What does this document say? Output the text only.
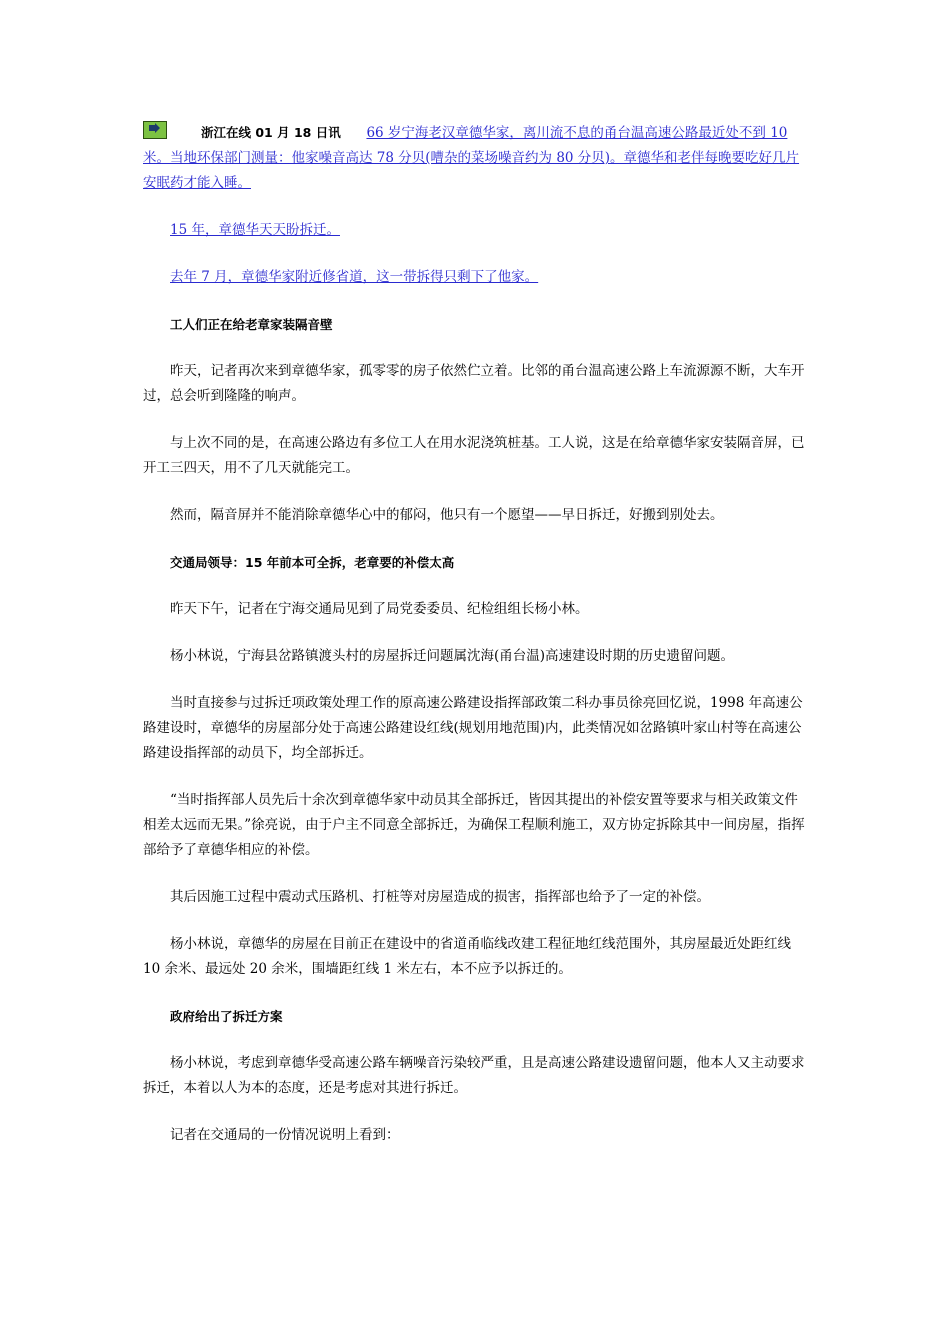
浙江在线 01 月 18 日讯 66 岁宁海老汉章德华家，离川流不息的甬台温高速公路最近处不到 10 米。当地环保部门测量：他家噪音高达 78 分贝(嘈杂的菜场噪音约为 80 分贝)。章德华和老伴每晚要吃好几片安眠药才能入睡。

15 年，章德华天天盼拆迁。

去年 7 月，章德华家附近修省道，这一带拆得只剩下了他家。

工人们正在给老章家装隔音壁

昨天，记者再次来到章德华家，孤零零的房子依然伫立着。比邻的甬台温高速公路上车流源源不断，大车开过，总会听到隆隆的响声。

与上次不同的是，在高速公路边有多位工人在用水泥浇筑桩基。工人说，这是在给章德华家安装隔音屏，已开工三四天，用不了几天就能完工。

然而，隔音屏并不能消除章德华心中的郁闷，他只有一个愿望——早日拆迁，好搬到别处去。

交通局领导：15 年前本可全拆，老章要的补偿太高

昨天下午，记者在宁海交通局见到了局党委委员、纪检组组长杨小林。

杨小林说，宁海县岔路镇渡头村的房屋拆迁问题属沈海(甬台温)高速建设时期的历史遗留问题。

当时直接参与过拆迁项政策处理工作的原高速公路建设指挥部政策二科办事员徐亮回忆说，1998 年高速公路建设时，章德华的房屋部分处于高速公路建设红线(规划用地范围)内，此类情况如岔路镇叶家山村等在高速公路建设指挥部的动员下，均全部拆迁。

“当时指挥部人员先后十余次到章德华家中动员其全部拆迁，皆因其提出的补偿安置等要求与相关政策文件相差太远而无果。”徐亮说，由于户主不同意全部拆迁，为确保工程顺利施工，双方协定拆除其中一间房屋，指挥部给予了章德华相应的补偿。

其后因施工过程中震动式压路机、打桩等对房屋造成的损害，指挥部也给予了一定的补偿。

杨小林说，章德华的房屋在目前正在建设中的省道甬临线改建工程征地红线范围外，其房屋最近处距红线 10 余米、最远处 20 余米，围墙距红线 1 米左右，本不应予以拆迁的。

政府给出了拆迁方案

杨小林说，考虑到章德华受高速公路车辆噪音污染较严重，且是高速公路建设遗留问题，他本人又主动要求拆迁，本着以人为本的态度，还是考虑对其进行拆迁。

记者在交通局的一份情况说明上看到：
